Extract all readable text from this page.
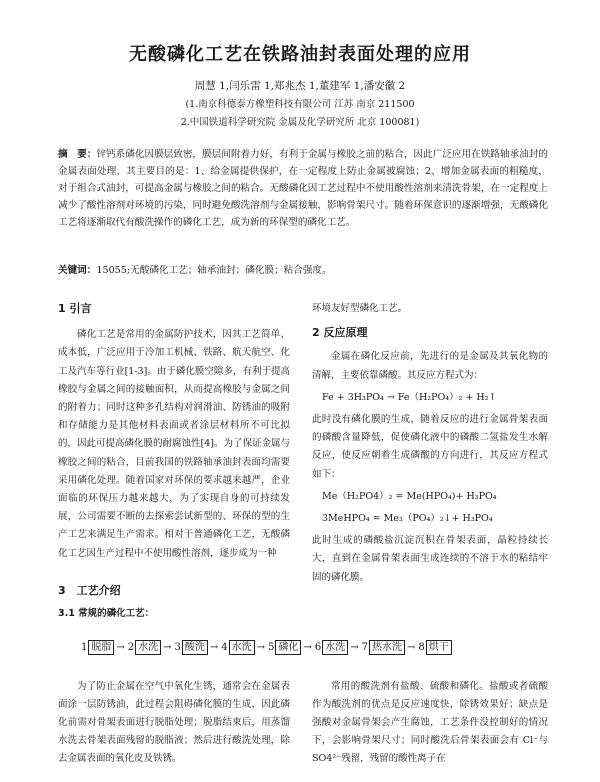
无酸磷化工艺在铁路油封表面处理的应用
周慧 1,闫乐雷 1,郑兆杰 1,董建军 1,潘安徽 2
(1.南京科德泰方橡塑科技有限公司 江苏 南京 211500
2.中国铁道科学研究院 金属及化学研究所 北京 100081)
摘　要：锌钙系磷化因膜层致密，膜层间附着力好，有利于金属与橡胶之前的粘合，因此广泛应用在铁路轴承油封的金属表面处理，其主要目的是：1、给金属提供保护，在一定程度上防止金属被腐蚀；2、增加金属表面的粗糙度，对于组合式油封，可提高金属与橡胶之间的粘合。无酸磷化因工艺过程中不使用酸性溶剂来清洗骨架，在一定程度上减少了酸性溶剂对环境的污染，同时避免酸洗溶剂与金属接触，影响骨架尺寸。随着环保意识的逐渐增强，无酸磷化工艺将逐渐取代有酸洗操作的磷化工艺，成为新的环保型的磷化工艺。
关键词：15055;无酸磷化工艺；轴承油封；磷化膜；粘合强度。
1 引言

磷化工艺是常用的金属防护技术，因其工艺简单、成本低，广泛应用于冷加工机械、铁路、航天航空、化工及汽车等行业[1-3]。由于磷化膜空隙多，有利于提高橡胶与金属之间的接触面积，从而提高橡胶与金属之间的附着力；同时这种多孔结构对润滑油、防锈油的吸附和存储能力是其他材料表面或者涂层材料所不可比拟的，因此可提高磷化膜的耐腐蚀性[4]。为了保证金属与橡胶之间的粘合，目前我国的铁路轴承油封表面均需要采用磷化处理。随着国家对环保的要求越来越严，企业面临的环保压力越来越大，为了实现自身的可持续发展，公司需要不断的去探索尝试新型的、环保的型的生产工艺来满足生产需求。相对于普通磷化工艺，无酸磷化工艺因生产过程中不使用酸性溶剂，逐步成为一种

环境友好型磷化工艺。
2 反应原理

金属在磷化反应前，先进行的是金属及其氧化物的清解，主要依靠磷酸。其反应方程式为：

Fe + 3H₃PO₄ → Fe（H₂PO₄）₂ + H₂↑
此时没有磷化膜的生成，随着反应的进行金属骨架表面的磷酸含量降低，促使磷化液中的磷酸二氢盐发生水解反应，使反应朝着生成磷酸的方向进行，其反应方程式如下：
Me（H₂PO4）₂ = Me(HPO₄)+ H₃PO₄
3MeHPO₄ = Me₃（PO₄）₂↓+ H₃PO₄
此时生成的磷酸盐沉淀沉积在骨架表面，晶粒持续长大，直到在金属骨架表面生成连续的不溶于水的粘结牢固的磷化膜。
3　工艺介绍
3.1 常规的磷化工艺：
1 脱脂 → 2 水洗 → 3 酸洗 → 4 水洗 → 5 磷化 → 6 水洗 → 7 热水洗 → 8 烘干

为了防止金属在空气中氧化生锈，通常会在金属表面涂一层防锈油，此过程会阻碍磷化膜的生成，因此磷化前需对骨架表面进行脱脂处理；脱脂结束后，用蒸馏水洗去骨架表面残留的脱脂液；然后进行酸洗处理，除去金属表面的氧化皮及铁锈。

常用的酸洗剂有盐酸、硫酸和磷化。盐酸或者硫酸作为酸洗剂的优点是反应速度快，除锈效果好；缺点是强酸对金属骨架会产生腐蚀，工艺条件没控制好的情况下，会影响骨架尺寸；同时酸洗后骨架表面会有 Cl⁻与 SO4²⁻残留，残留的酸性离子在
